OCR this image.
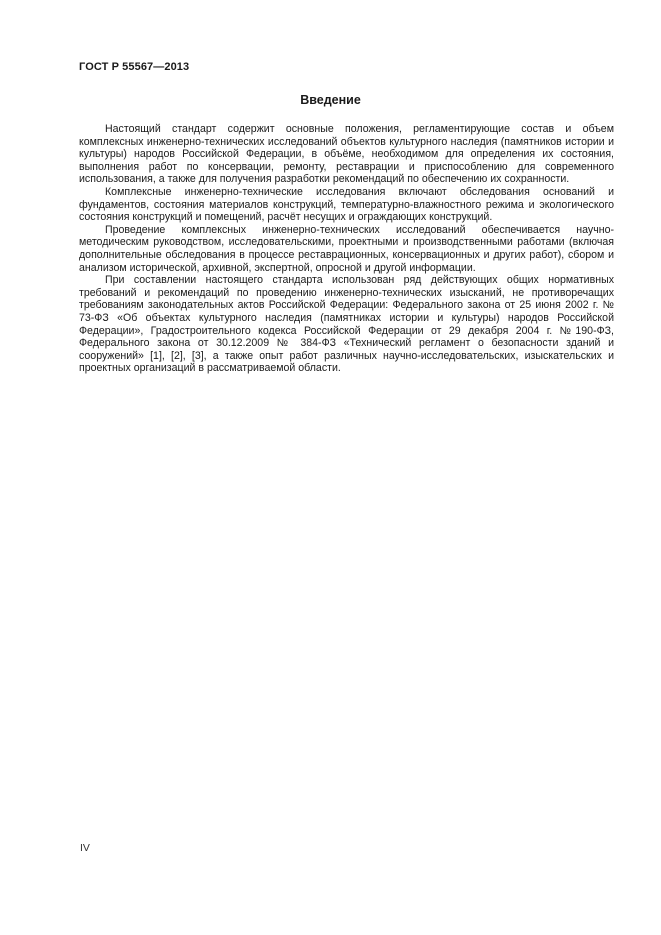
ГОСТ Р 55567—2013
Введение

Настоящий стандарт содержит основные положения, регламентирующие состав и объем комплексных инженерно-технических исследований объектов культурного наследия (памятников истории и культуры) народов Российской Федерации, в объёме, необходимом для определения их состояния, выполнения работ по консервации, ремонту, реставрации и приспособлению для современного использования, а также для получения разработки рекомендаций по обеспечению их сохранности.

Комплексные инженерно-технические исследования включают обследования оснований и фундаментов, состояния материалов конструкций, температурно-влажностного режима и экологического состояния конструкций и помещений, расчёт несущих и ограждающих конструкций.

Проведение комплексных инженерно-технических исследований обеспечивается научно-методическим руководством, исследовательскими, проектными и производственными работами (включая дополнительные обследования в процессе реставрационных, консервационных и других работ), сбором и анализом исторической, архивной, экспертной, опросной и другой информации.

При составлении настоящего стандарта использован ряд действующих общих нормативных требований и рекомендаций по проведению инженерно-технических изысканий, не противоречащих требованиям законодательных актов Российской Федерации: Федерального закона от 25 июня 2002 г. № 73-ФЗ «Об объектах культурного наследия (памятниках истории и культуры) народов Российской Федерации», Градостроительного кодекса Российской Федерации от 29 декабря 2004 г. №190-ФЗ, Федерального закона от 30.12.2009 № 384-ФЗ «Технический регламент о безопасности зданий и сооружений» [1], [2], [3], а также опыт работ различных научно-исследовательских, изыскательских и проектных организаций в рассматриваемой области.

IV
